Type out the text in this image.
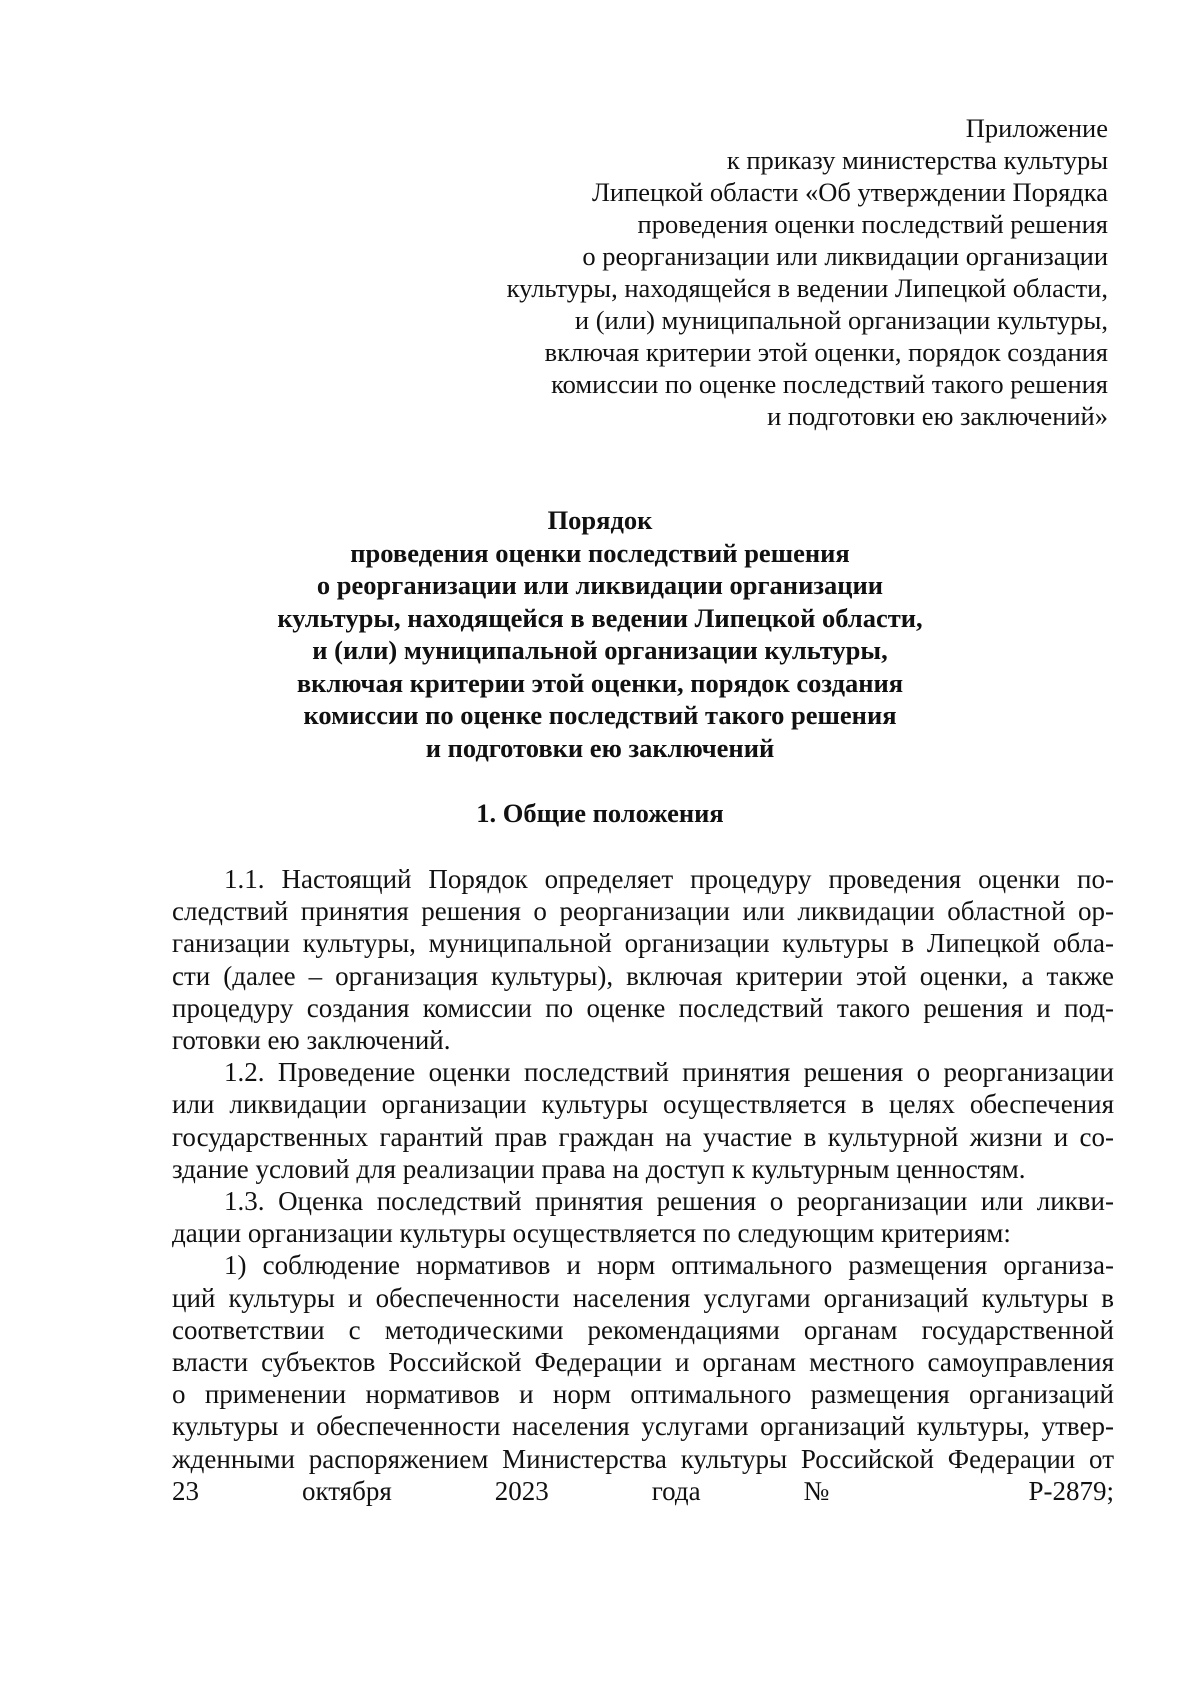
Приложение
к приказу министерства культуры
Липецкой области «Об утверждении Порядка
проведения оценки последствий решения
о реорганизации или ликвидации организации
культуры, находящейся в ведении Липецкой области,
и (или) муниципальной организации культуры,
включая критерии этой оценки, порядок создания
комиссии по оценке последствий такого решения
и подготовки ею заключений»
Порядок
проведения оценки последствий решения
о реорганизации или ликвидации организации
культуры, находящейся в ведении Липецкой области,
и (или) муниципальной организации культуры,
включая критерии этой оценки, порядок создания
комиссии по оценке последствий такого решения
и подготовки ею заключений
1. Общие положения
1.1. Настоящий Порядок определяет процедуру проведения оценки по-
следствий принятия решения о реорганизации или ликвидации областной ор-
ганизации культуры, муниципальной организации культуры в Липецкой обла-
сти (далее – организация культуры), включая критерии этой оценки, а также
процедуру создания комиссии по оценке последствий такого решения и под-
готовки ею заключений.
1.2. Проведение оценки последствий принятия решения о реорганизации
или ликвидации организации культуры осуществляется в целях обеспечения
государственных гарантий прав граждан на участие в культурной жизни и со-
здание условий для реализации права на доступ к культурным ценностям.
1.3. Оценка последствий принятия решения о реорганизации или ликви-
дации организации культуры осуществляется по следующим критериям:
1) соблюдение нормативов и норм оптимального размещения организа-
ций культуры и обеспеченности населения услугами организаций культуры в
соответствии с методическими рекомендациями органам государственной
власти субъектов Российской Федерации и органам местного самоуправления
о применении нормативов и норм оптимального размещения организаций
культуры и обеспеченности населения услугами организаций культуры, утвер-
жденными распоряжением Министерства культуры Российской Федерации от
23 октября 2023 года № Р-2879;
